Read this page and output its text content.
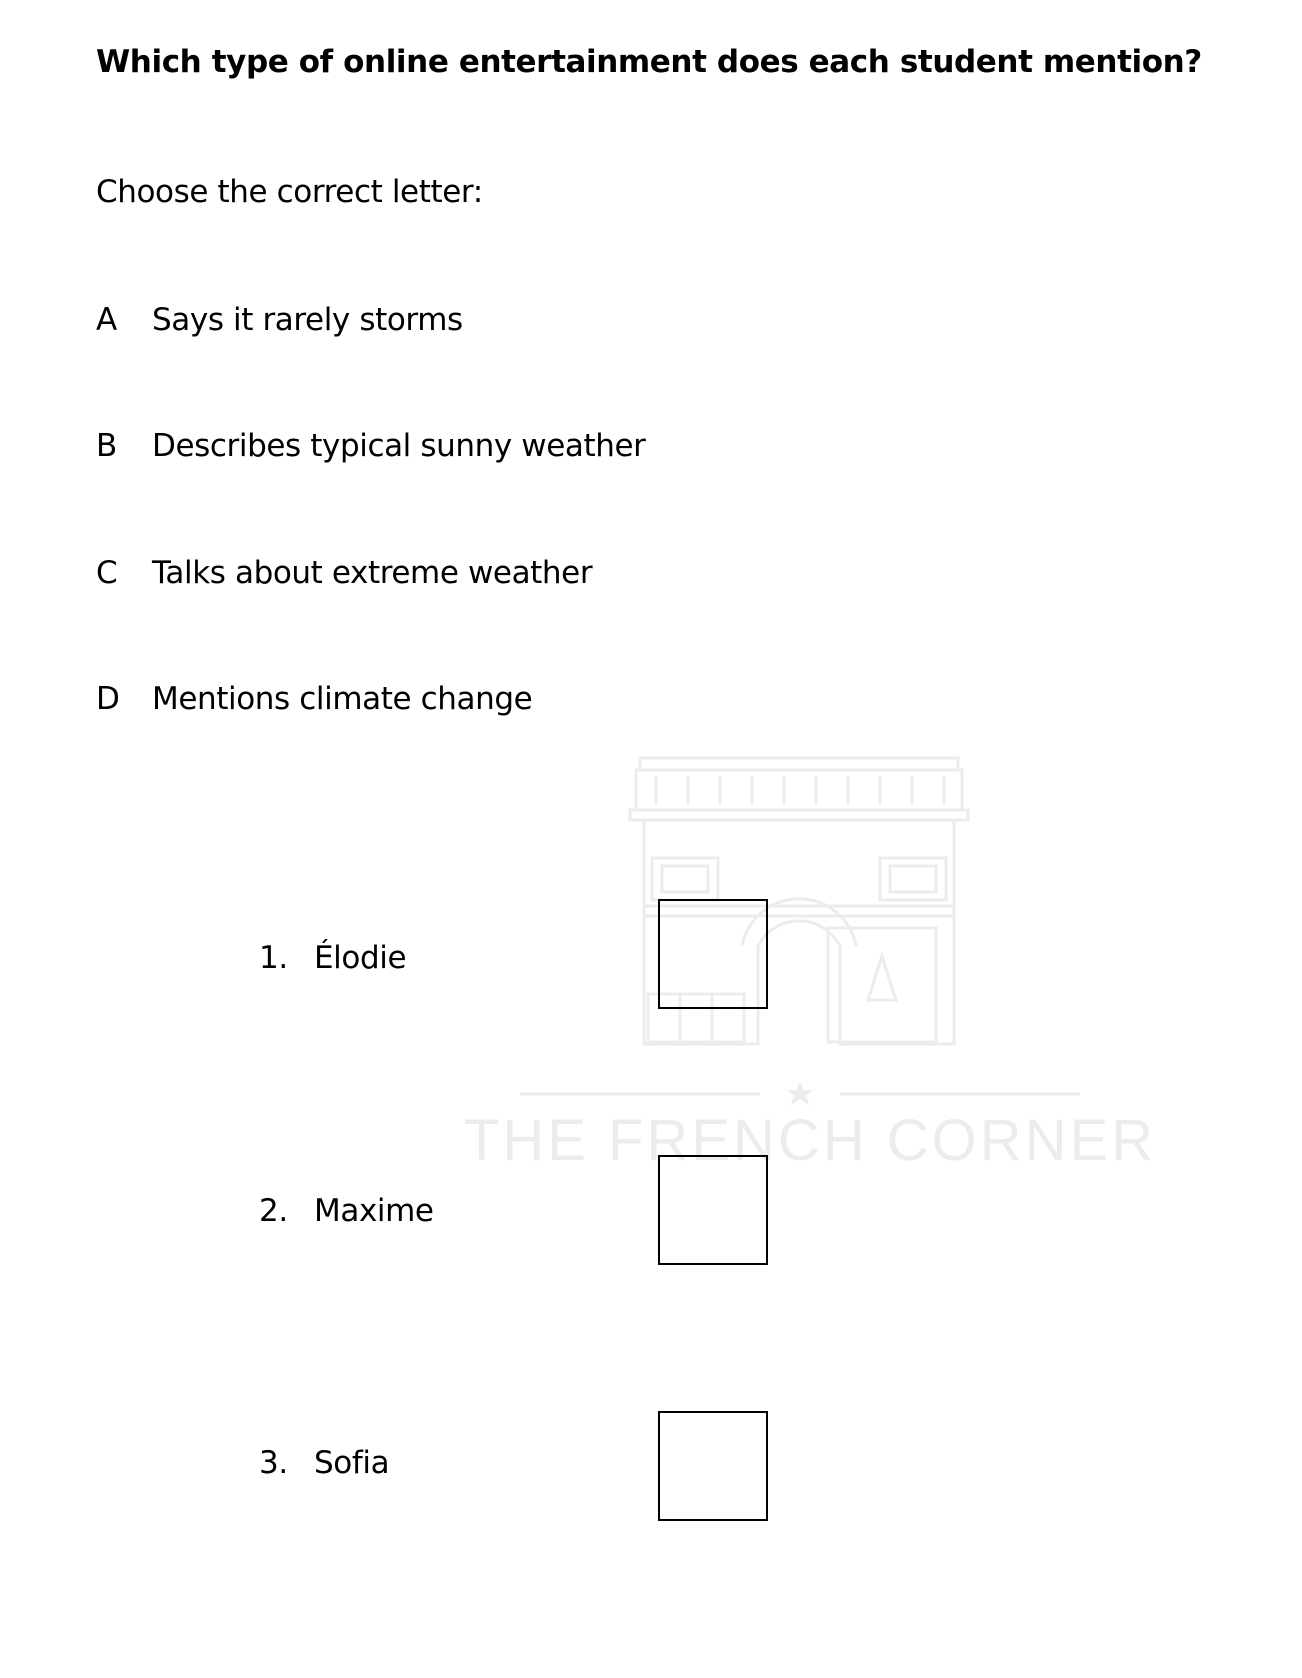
Which type of online entertainment does each student mention?
Choose the correct letter:
A Says it rarely storms
B Describes typical sunny weather
C Talks about extreme weather
D Mentions climate change
THE FRENCH CORNER
1. Élodie
2. Maxime
3. Sofia
